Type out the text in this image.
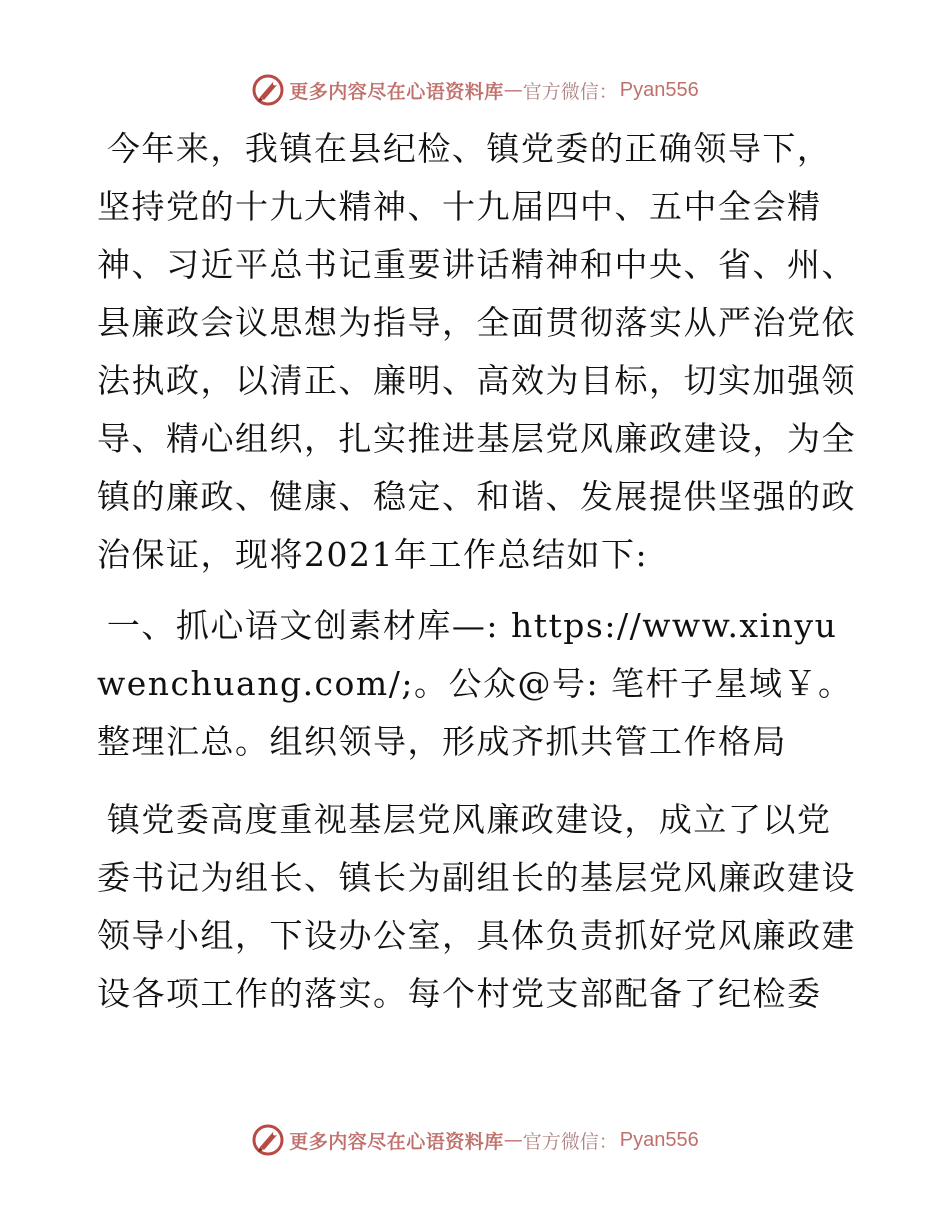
更多内容尽在心语资料库 — 官方微信： Pyan556

今年来，我镇在县纪检、镇党委的正确领导下，坚持党的十九大精神、十九届四中、五中全会精神、习近平总书记重要讲话精神和中央、省、州、县廉政会议思想为指导，全面贯彻落实从严治党依法执政，以清正、廉明、高效为目标，切实加强领导、精心组织，扎实推进基层党风廉政建设，为全镇的廉政、健康、稳定、和谐、发展提供坚强的政治保证，现将2021年工作总结如下:

一、抓心语文创素材库—: https://www.xinyuwenchuang.com/;。公众@号: 笔杆子星域￥。整理汇总。组织领导，形成齐抓共管工作格局

镇党委高度重视基层党风廉政建设，成立了以党委书记为组长、镇长为副组长的基层党风廉政建设领导小组，下设办公室，具体负责抓好党风廉政建设各项工作的落实。每个村党支部配备了纪检委

更多内容尽在心语资料库 — 官方微信： Pyan556
